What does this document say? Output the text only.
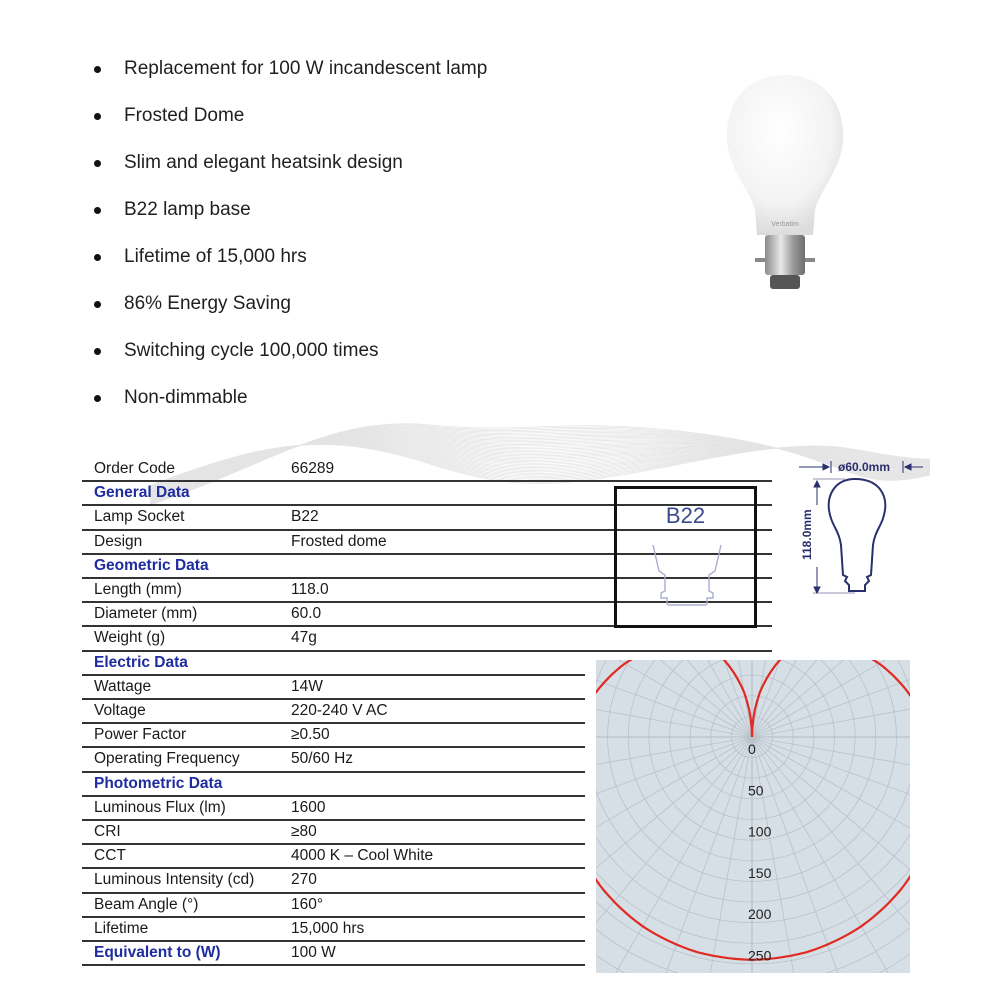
Replacement for 100 W incandescent lamp
Frosted Dome
Slim and elegant heatsink design
B22 lamp base
Lifetime of 15,000 hrs
86% Energy Saving
Switching cycle 100,000 times
Non-dimmable
Verbatim
Order Code	66289
General Data
Lamp Socket	B22
Design	Frosted dome
Geometric Data
Length (mm)	118.0
Diameter (mm)	60.0
Weight (g)	47g
Electric Data
Wattage	14W
Voltage	220-240 V AC
Power Factor	≥0.50
Operating Frequency	50/60 Hz
Photometric Data
Luminous Flux (lm)	1600
CRI	≥80
CCT	4000 K – Cool White
Luminous Intensity (cd) 270
Beam Angle (°)	160°
Lifetime	15,000 hrs
Equivalent to (W)	100 W
B22
ø60.0mm
118.0mm
0
50
100
150
200
250
